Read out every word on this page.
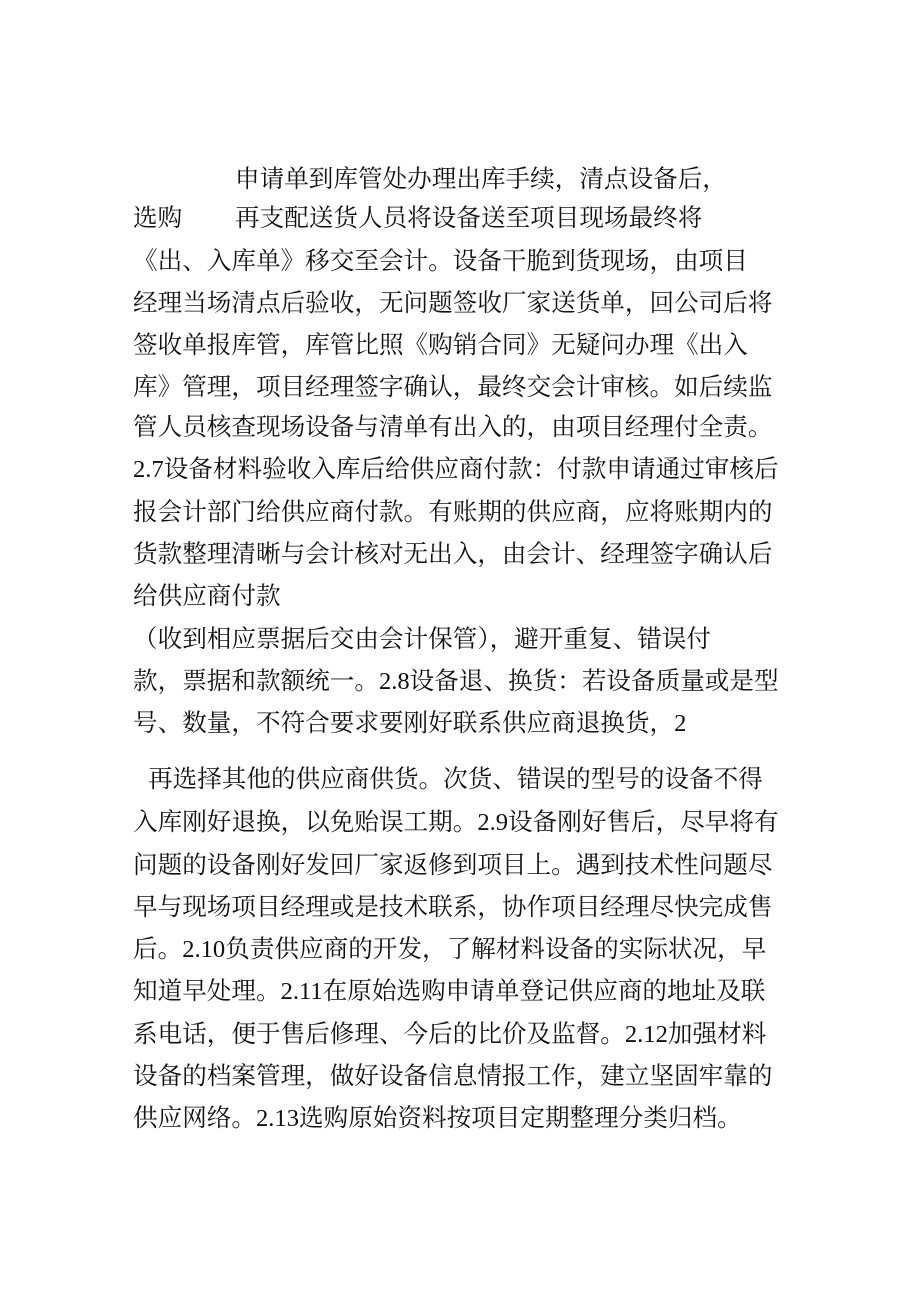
申请单到库管处办理出库手续，清点设备后，
选购 再支配送货人员将设备送至项目现场最终将
《出、入库单》移交至会计。设备干脆到货现场，由项目
经理当场清点后验收，无问题签收厂家送货单，回公司后将
签收单报库管，库管比照《购销合同》无疑问办理《出入
库》管理，项目经理签字确认，最终交会计审核。如后续监
管人员核查现场设备与清单有出入的，由项目经理付全责。
2.7设备材料验收入库后给供应商付款：付款申请通过审核后
报会计部门给供应商付款。有账期的供应商，应将账期内的
货款整理清晰与会计核对无出入，由会计、经理签字确认后
给供应商付款
（收到相应票据后交由会计保管），避开重复、错误付
款，票据和款额统一。2.8设备退、换货：若设备质量或是型
号、数量，不符合要求要刚好联系供应商退换货，2
再选择其他的供应商供货。次货、错误的型号的设备不得
入库刚好退换，以免贻误工期。2.9设备刚好售后，尽早将有
问题的设备刚好发回厂家返修到项目上。遇到技术性问题尽
早与现场项目经理或是技术联系，协作项目经理尽快完成售
后。2.10负责供应商的开发，了解材料设备的实际状况，早
知道早处理。2.11在原始选购申请单登记供应商的地址及联
系电话，便于售后修理、今后的比价及监督。2.12加强材料
设备的档案管理，做好设备信息情报工作，建立坚固牢靠的
供应网络。2.13选购原始资料按项目定期整理分类归档。
